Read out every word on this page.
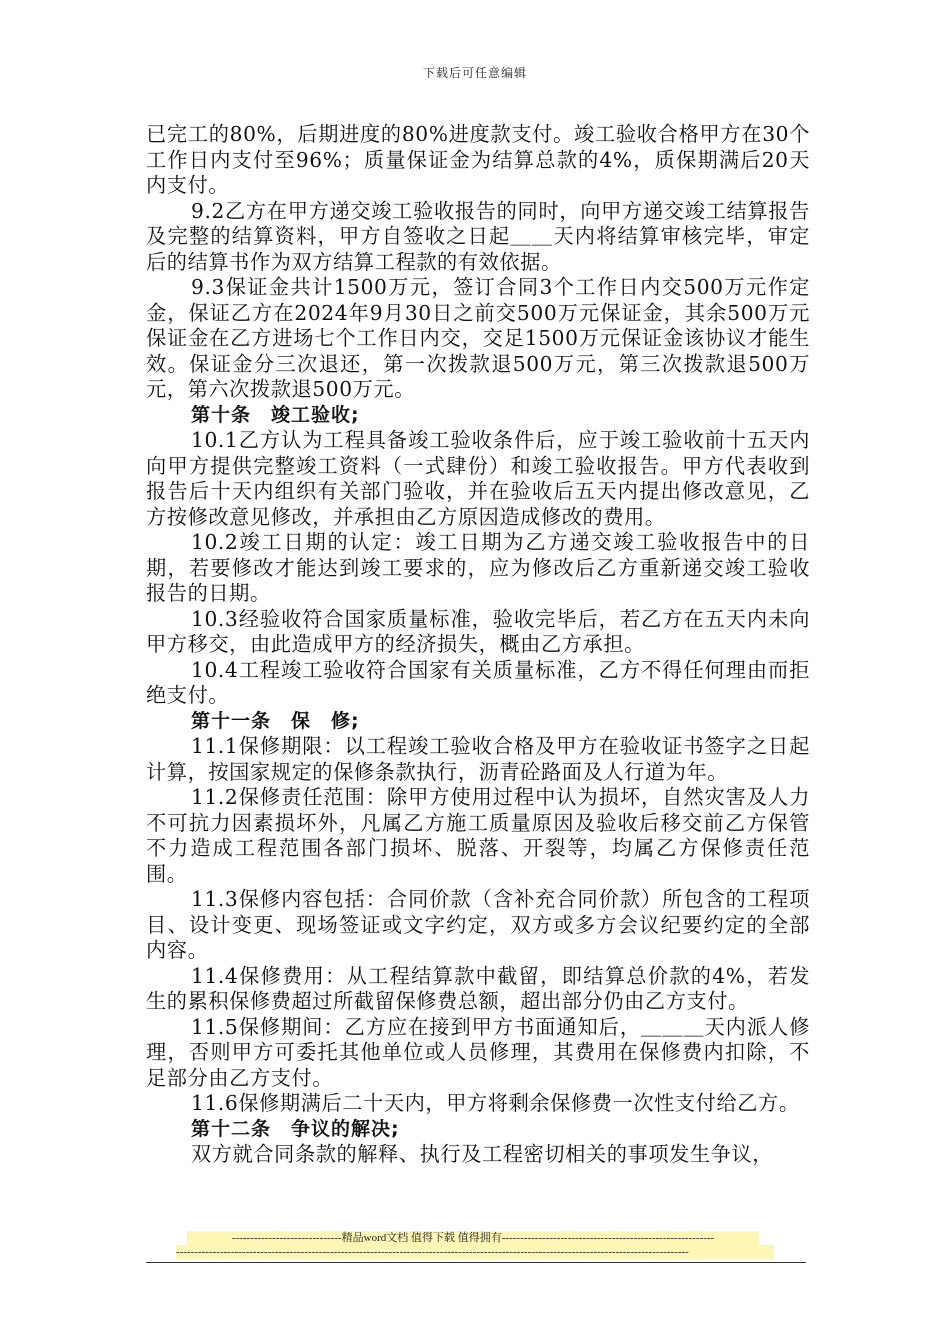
下载后可任意编辑

已完工的80%，后期进度的80%进度款支付。竣工验收合格甲方在30个工作日内支付至96%；质量保证金为结算总款的4%，质保期满后20天内支付。

9.2乙方在甲方递交竣工验收报告的同时，向甲方递交竣工结算报告及完整的结算资料，甲方自签收之日起＿＿天内将结算审核完毕，审定后的结算书作为双方结算工程款的有效依据。

9.3保证金共计1500万元，签订合同3个工作日内交500万元作定金，保证乙方在2024年9月30日之前交500万元保证金，其余500万元保证金在乙方进场七个工作日内交，交足1500万元保证金该协议才能生效。保证金分三次退还，第一次拨款退500万元，第三次拨款退500万元，第六次拨款退500万元。

第十条　竣工验收;

10.1乙方认为工程具备竣工验收条件后，应于竣工验收前十五天内向甲方提供完整竣工资料（一式肆份）和竣工验收报告。甲方代表收到报告后十天内组织有关部门验收，并在验收后五天内提出修改意见，乙方按修改意见修改，并承担由乙方原因造成修改的费用。

10.2竣工日期的认定：竣工日期为乙方递交竣工验收报告中的日期，若要修改才能达到竣工要求的，应为修改后乙方重新递交竣工验收报告的日期。

10.3经验收符合国家质量标准，验收完毕后，若乙方在五天内未向甲方移交，由此造成甲方的经济损失，概由乙方承担。

10.4工程竣工验收符合国家有关质量标准，乙方不得任何理由而拒绝支付。

第十一条　保　修;

11.1保修期限：以工程竣工验收合格及甲方在验收证书签字之日起计算，按国家规定的保修条款执行，沥青砼路面及人行道为年。

11.2保修责任范围：除甲方使用过程中认为损坏，自然灾害及人力不可抗力因素损坏外，凡属乙方施工质量原因及验收后移交前乙方保管不力造成工程范围各部门损坏、脱落、开裂等，均属乙方保修责任范围。

11.3保修内容包括：合同价款（含补充合同价款）所包含的工程项目、设计变更、现场签证或文字约定，双方或多方会议纪要约定的全部内容。

11.4保修费用：从工程结算款中截留，即结算总价款的4%，若发生的累积保修费超过所截留保修费总额，超出部分仍由乙方支付。

11.5保修期间：乙方应在接到甲方书面通知后，＿＿＿天内派人修理，否则甲方可委托其他单位或人员修理，其费用在保修费内扣除，不足部分由乙方支付。

11.6保修期满后二十天内，甲方将剩余保修费一次性支付给乙方。

第十二条　争议的解决;

双方就合同条款的解释、执行及工程密切相关的事项发生争议，

------------------------------精品word文档 值得下载 值得拥有----------------------------------------------------------
--------------------------------------------------------------------------------------------------------------------------------------------
